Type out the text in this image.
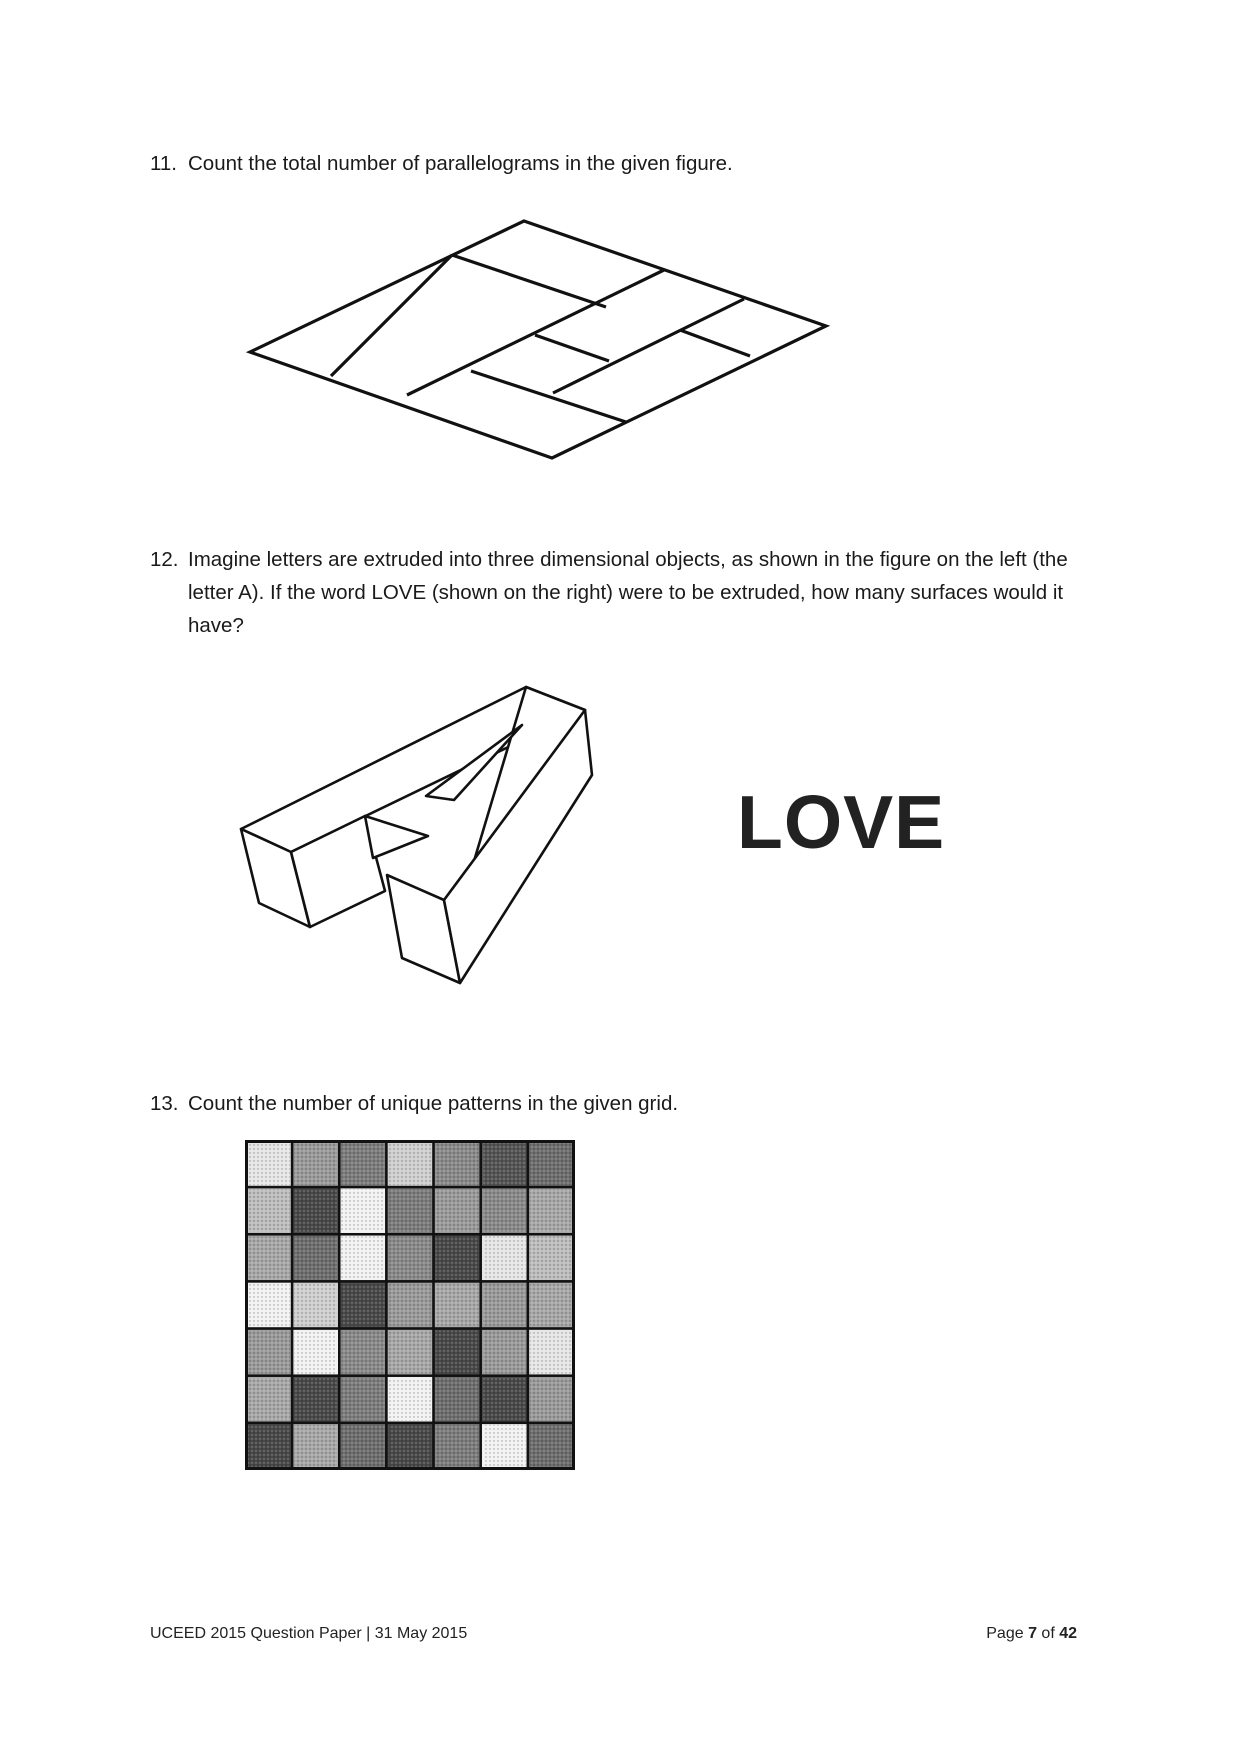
11. Count the total number of parallelograms in the given figure.
12. Imagine letters are extruded into three dimensional objects, as shown in the figure on the left (the letter A). If the word LOVE (shown on the right) were to be extruded, how many surfaces would it have?
LOVE
13. Count the number of unique patterns in the given grid.
UCEED 2015 Question Paper | 31 May 2015	Page 7 of 42
